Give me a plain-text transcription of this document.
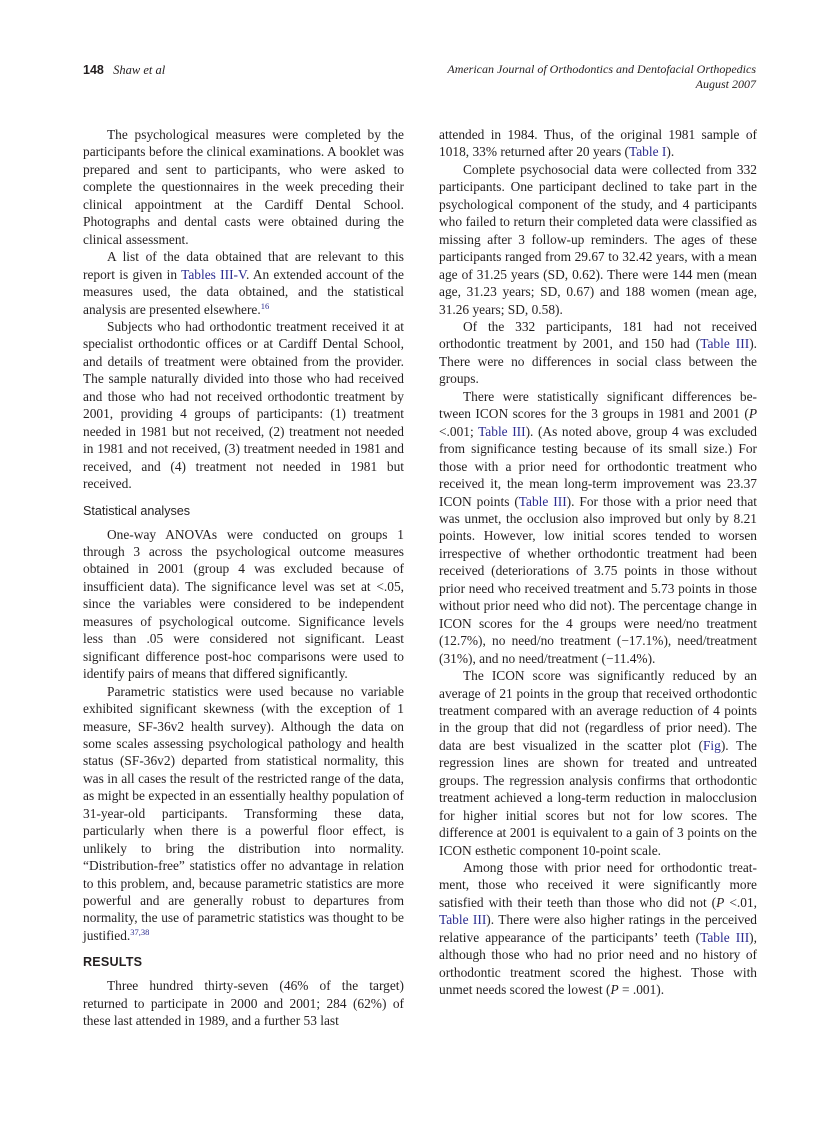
148 Shaw et al	American Journal of Orthodontics and Dentofacial Orthopedics
August 2007

The psychological measures were completed by the participants before the clinical examinations. A booklet was prepared and sent to participants, who were asked to complete the questionnaires in the week preceding their clinical appointment at the Cardiff Dental School. Photographs and dental casts were obtained during the clinical assessment.

A list of the data obtained that are relevant to this report is given in Tables III-V. An extended account of the measures used, the data obtained, and the statistical analysis are presented elsewhere.$^{16}$

Subjects who had orthodontic treatment received it at specialist orthodontic offices or at Cardiff Dental School, and details of treatment were obtained from the provider. The sample naturally divided into those who had received and those who had not received orthodontic treatment by 2001, providing 4 groups of participants: (1) treatment needed in 1981 but not received, (2) treatment not needed in 1981 and not received, (3) treatment needed in 1981 and received, and (4) treatment not needed in 1981 but received.

Statistical analyses

One-way ANOVAs were conducted on groups 1 through 3 across the psychological outcome measures obtained in 2001 (group 4 was excluded because of insufficient data). The significance level was set at <.05, since the variables were considered to be independent measures of psychological outcome. Significance levels less than .05 were considered not significant. Least significant difference post-hoc comparisons were used to identify pairs of means that differed significantly.

Parametric statistics were used because no variable exhibited significant skewness (with the exception of 1 measure, SF-36v2 health survey). Although the data on some scales assessing psychological pathology and health status (SF-36v2) departed from statistical normality, this was in all cases the result of the restricted range of the data, as might be expected in an essentially healthy population of 31-year-old participants. Transforming these data, particularly when there is a powerful floor effect, is unlikely to bring the distribution into normality. “Distribution-free” statistics offer no advantage in relation to this problem, and, because parametric statistics are more powerful and are generally robust to departures from normality, the use of parametric statistics was thought to be justified.$^{37,38}$

RESULTS

Three hundred thirty-seven (46% of the target) returned to participate in 2000 and 2001; 284 (62%) of these last attended in 1989, and a further 53 last

attended in 1984. Thus, of the original 1981 sample of 1018, 33% returned after 20 years (Table I).

Complete psychosocial data were collected from 332 participants. One participant declined to take part in the psychological component of the study, and 4 participants who failed to return their completed data were classified as missing after 3 follow-up reminders. The ages of these participants ranged from 29.67 to 32.42 years, with a mean age of 31.25 years (SD, 0.62). There were 144 men (mean age, 31.23 years; SD, 0.67) and 188 women (mean age, 31.26 years; SD, 0.58).

Of the 332 participants, 181 had not received orthodontic treatment by 2001, and 150 had (Table III). There were no differences in social class between the groups.

There were statistically significant differences between ICON scores for the 3 groups in 1981 and 2001 (P <.001; Table III). (As noted above, group 4 was excluded from significance testing because of its small size.) For those with a prior need for orthodontic treatment who received it, the mean long-term improvement was 23.37 ICON points (Table III). For those with a prior need that was unmet, the occlusion also improved but only by 8.21 points. However, low initial scores tended to worsen irrespective of whether orthodontic treatment had been received (deteriorations of 3.75 points in those without prior need who received treatment and 5.73 points in those without prior need who did not). The percentage change in ICON scores for the 4 groups were need/no treatment (12.7%), no need/no treatment (−17.1%), need/treatment (31%), and no need/treatment (−11.4%).

The ICON score was significantly reduced by an average of 21 points in the group that received orthodontic treatment compared with an average reduction of 4 points in the group that did not (regardless of prior need). The data are best visualized in the scatter plot (Fig). The regression lines are shown for treated and untreated groups. The regression analysis confirms that orthodontic treatment achieved a long-term reduction in malocclusion for higher initial scores but not for low scores. The difference at 2001 is equivalent to a gain of 3 points on the ICON esthetic component 10-point scale.

Among those with prior need for orthodontic treatment, those who received it were significantly more satisfied with their teeth than those who did not (P <.01, Table III). There were also higher ratings in the perceived relative appearance of the participants’ teeth (Table III), although those who had no prior need and no history of orthodontic treatment scored the highest. Those with unmet needs scored the lowest (P = .001).
